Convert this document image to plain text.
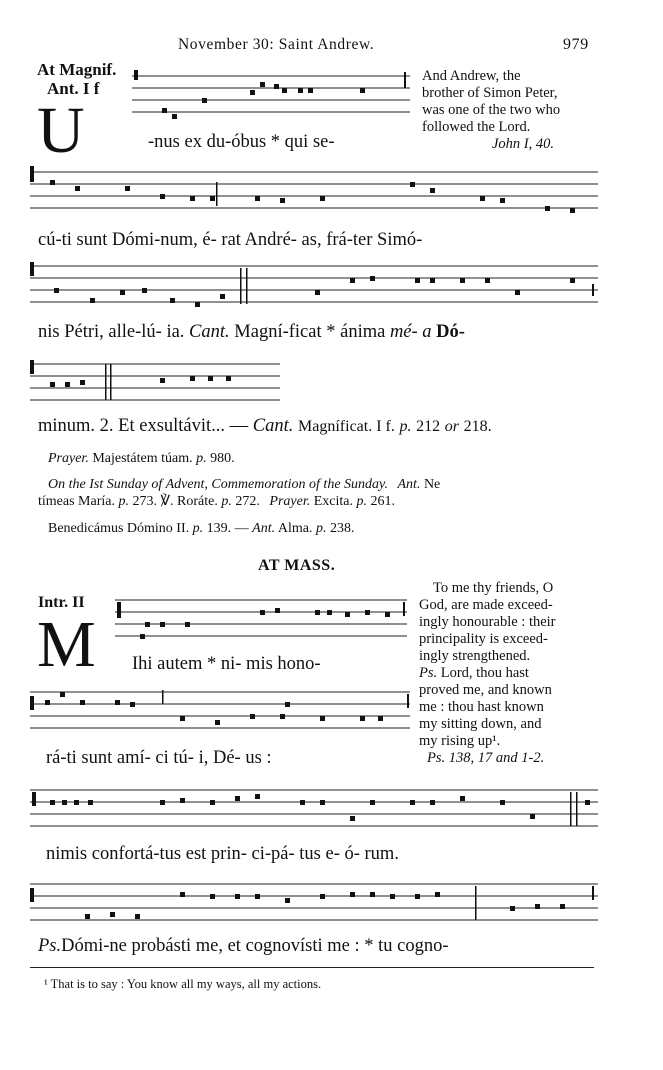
November 30: Saint Andrew.	979
At Magnif.
Ant. I f
U	-nus ex du-óbus * qui se-
And Andrew, the
brother of Simon Peter,
was one of the two who
followed the Lord.
John I, 40.
cú-ti sunt Dómi-num, é- rat André- as, frá-ter Simó-
nis Pétri, alle-lú- ia. Cant. Magní-ficat * ánima mé- a Dó-
minum. 2. Et exsultávit... — Cant. Magníficat. I f. p. 212 or 218.
Prayer. Majestátem túam. p. 980.
On the Ist Sunday of Advent, Commemoration of the Sunday. Ant. Ne
tímeas María. p. 273. ℣. Roráte. p. 272. Prayer. Excita. p. 261.
Benedicámus Dómino II. p. 139. — Ant. Alma. p. 238.
AT MASS.
Intr. II
M Ihi autem * ni- mis hono-
To me thy friends, O
God, are made exceed-
ingly honourable : their
principality is exceed-
ingly strengthened.
Ps. Lord, thou hast
proved me, and known
me : thou hast known
my sitting down, and
my rising up¹.
Ps. 138, 17 and 1-2.
rá-ti sunt amí- ci tú- i, Dé- us :
nimis confortá-tus est prin- ci-pá- tus e- ó- rum.
Ps.Dómi-ne probásti me, et cognovísti me : * tu cogno-
¹ That is to say : You know all my ways, all my actions.
